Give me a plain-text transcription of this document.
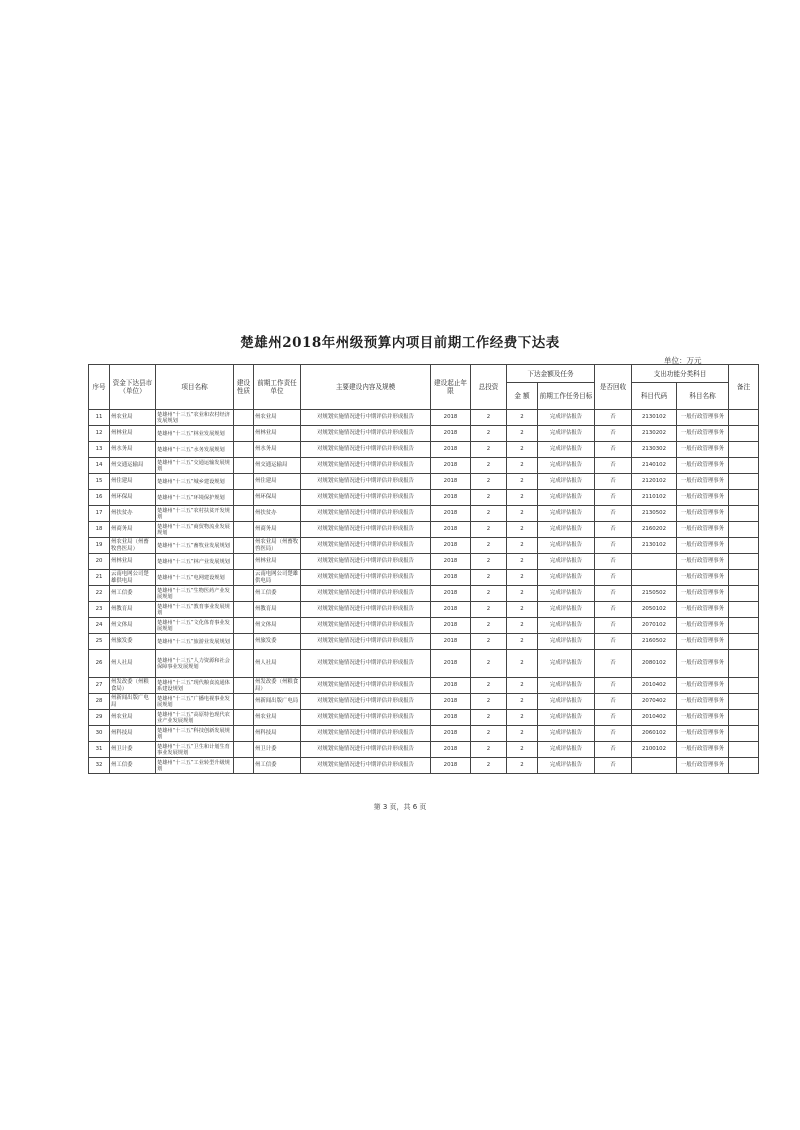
楚雄州2018年州级预算内项目前期工作经费下达表
单位：万元
序号	资金下达县市（单位）	项目名称	建设性质	前期工作责任单位	主要建设内容及规模	建设起止年限	总投资	下达金额及任务		是否回收	支出功能分类科目		备注
								金 额	前期工作任务目标		科目代码	科目名称	
11	州农业局	楚雄州“十三五”农业和农村经济发展规划		州农业局	对规划实施情况进行中期评估并形成报告	2018	2	2	完成评估报告	否	2130102	一般行政管理事务	
12	州林业局	楚雄州“十三五”林业发展规划		州林业局	对规划实施情况进行中期评估并形成报告	2018	2	2	完成评估报告	否	2130202	一般行政管理事务	
13	州水务局	楚雄州“十三五”水务发展规划		州水务局	对规划实施情况进行中期评估并形成报告	2018	2	2	完成评估报告	否	2130302	一般行政管理事务	
14	州交通运输局	楚雄州“十三五”交通运输发展规划		州交通运输局	对规划实施情况进行中期评估并形成报告	2018	2	2	完成评估报告	否	2140102	一般行政管理事务	
15	州住建局	楚雄州“十三五”城乡建设规划		州住建局	对规划实施情况进行中期评估并形成报告	2018	2	2	完成评估报告	否	2120102	一般行政管理事务	
16	州环保局	楚雄州“十三五”环境保护规划		州环保局	对规划实施情况进行中期评估并形成报告	2018	2	2	完成评估报告	否	2110102	一般行政管理事务	
17	州扶贫办	楚雄州“十三五”农村扶贫开发规划		州扶贫办	对规划实施情况进行中期评估并形成报告	2018	2	2	完成评估报告	否	2130502	一般行政管理事务	
18	州商务局	楚雄州“十三五”商贸物流业发展规划		州商务局	对规划实施情况进行中期评估并形成报告	2018	2	2	完成评估报告	否	2160202	一般行政管理事务	
19	州农业局（州畜牧兽医局）	楚雄州“十三五”畜牧业发展规划		州农业局（州畜牧兽医局）	对规划实施情况进行中期评估并形成报告	2018	2	2	完成评估报告	否	2130102	一般行政管理事务	
20	州林业局	楚雄州“十三五”林产业发展规划		州林业局	对规划实施情况进行中期评估并形成报告	2018	2	2	完成评估报告	否		一般行政管理事务	
21	云南电网公司楚雄供电局	楚雄州“十三五”电网建设规划		云南电网公司楚雄供电局	对规划实施情况进行中期评估并形成报告	2018	2	2	完成评估报告	否		一般行政管理事务	
22	州工信委	楚雄州“十三五”生物医药产业发展规划		州工信委	对规划实施情况进行中期评估并形成报告	2018	2	2	完成评估报告	否	2150502	一般行政管理事务	
23	州教育局	楚雄州“十三五”教育事业发展规划		州教育局	对规划实施情况进行中期评估并形成报告	2018	2	2	完成评估报告	否	2050102	一般行政管理事务	
24	州文体局	楚雄州“十三五”文化体育事业发展规划		州文体局	对规划实施情况进行中期评估并形成报告	2018	2	2	完成评估报告	否	2070102	一般行政管理事务	
25	州旅发委	楚雄州“十三五”旅游业发展规划		州旅发委	对规划实施情况进行中期评估并形成报告	2018	2	2	完成评估报告	否	2160502	一般行政管理事务	
26	州人社局	楚雄州“十三五”人力资源和社会保障事业发展规划		州人社局	对规划实施情况进行中期评估并形成报告	2018	2	2	完成评估报告	否	2080102	一般行政管理事务	
27	州发改委（州粮食局）	楚雄州“十三五”现代粮食流通体系建设规划		州发改委（州粮食局）	对规划实施情况进行中期评估并形成报告	2018	2	2	完成评估报告	否	2010402	一般行政管理事务	
28	州新闻出版广电局	楚雄州“十三五”广播电视事业发展规划		州新闻出版广电局	对规划实施情况进行中期评估并形成报告	2018	2	2	完成评估报告	否	2070402	一般行政管理事务	
29	州农业局	楚雄州“十三五”高原特色现代农业产业发展规划		州农业局	对规划实施情况进行中期评估并形成报告	2018	2	2	完成评估报告	否	2010402	一般行政管理事务	
30	州科技局	楚雄州“十三五”科技创新发展规划		州科技局	对规划实施情况进行中期评估并形成报告	2018	2	2	完成评估报告	否	2060102	一般行政管理事务	
31	州卫计委	楚雄州“十三五”卫生和计划生育事业发展规划		州卫计委	对规划实施情况进行中期评估并形成报告	2018	2	2	完成评估报告	否	2100102	一般行政管理事务	
32	州工信委	楚雄州“十三五”工业转型升级规划		州工信委	对规划实施情况进行中期评估并形成报告	2018	2	2	完成评估报告	否		一般行政管理事务	
第 3 页，共 6 页
